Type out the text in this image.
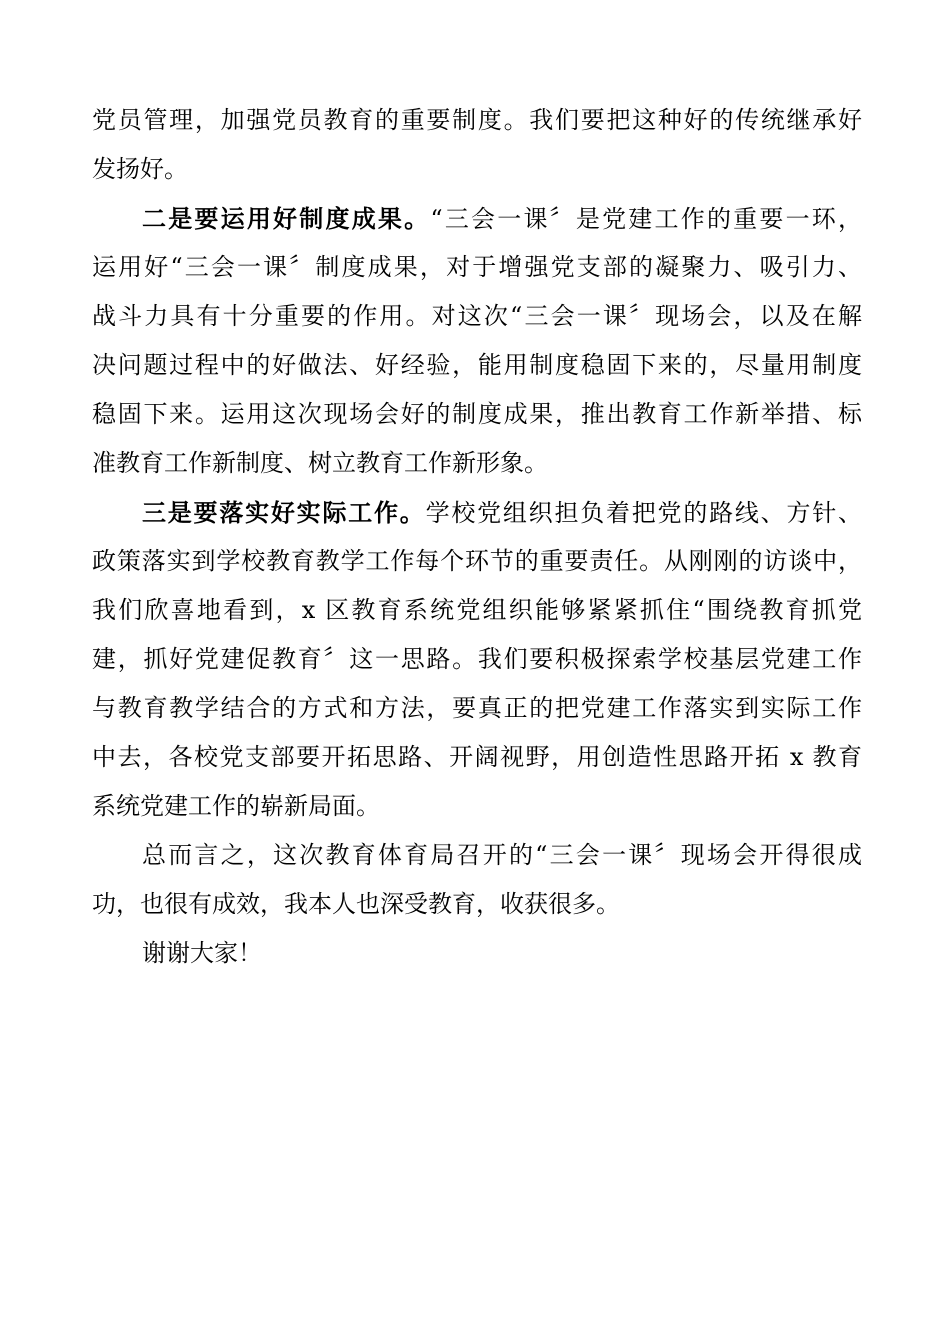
党员管理，加强党员教育的重要制度。我们要把这种好的传统继承好
发扬好。
二是要运用好制度成果。“三会一课〞是党建工作的重要一环，
运用好“三会一课〞制度成果，对于增强党支部的凝聚力、吸引力、
战斗力具有十分重要的作用。对这次“三会一课〞现场会，以及在解
决问题过程中的好做法、好经验，能用制度稳固下来的，尽量用制度
稳固下来。运用这次现场会好的制度成果，推出教育工作新举措、标
准教育工作新制度、树立教育工作新形象。
三是要落实好实际工作。学校党组织担负着把党的路线、方针、
政策落实到学校教育教学工作每个环节的重要责任。从刚刚的访谈中，
我们欣喜地看到，x 区教育系统党组织能够紧紧抓住“围绕教育抓党
建，抓好党建促教育〞这一思路。我们要积极探索学校基层党建工作
与教育教学结合的方式和方法，要真正的把党建工作落实到实际工作
中去，各校党支部要开拓思路、开阔视野，用创造性思路开拓 x 教育
系统党建工作的崭新局面。
总而言之，这次教育体育局召开的“三会一课〞现场会开得很成
功，也很有成效，我本人也深受教育，收获很多。
谢谢大家！
